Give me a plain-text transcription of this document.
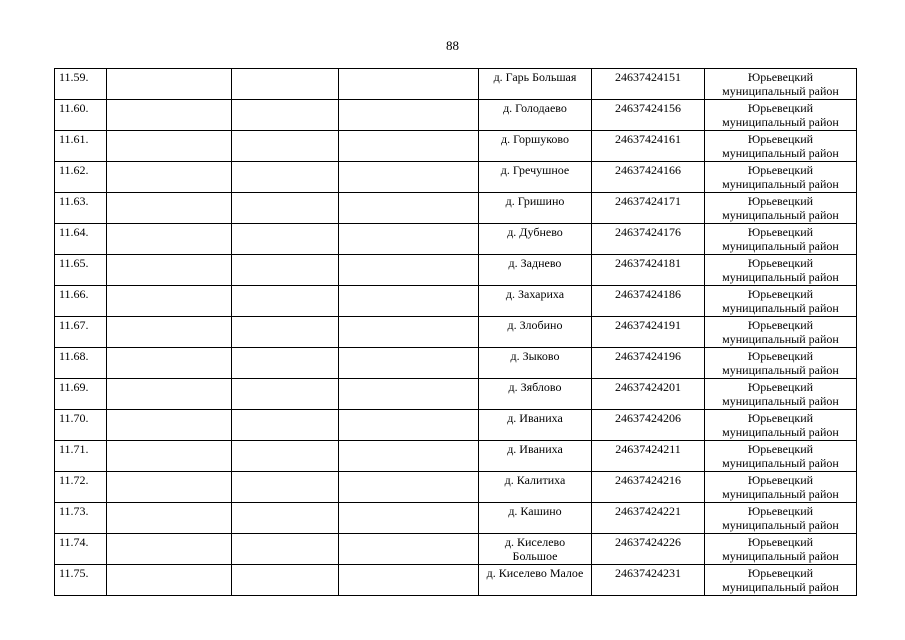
88
11.59.				д. Гарь Большая	24637424151	Юрьевецкий муниципальный район
11.60.				д. Голодаево	24637424156	Юрьевецкий муниципальный район
11.61.				д. Горшуково	24637424161	Юрьевецкий муниципальный район
11.62.				д. Гречушное	24637424166	Юрьевецкий муниципальный район
11.63.				д. Гришино	24637424171	Юрьевецкий муниципальный район
11.64.				д. Дубнево	24637424176	Юрьевецкий муниципальный район
11.65.				д. Заднево	24637424181	Юрьевецкий муниципальный район
11.66.				д. Захариха	24637424186	Юрьевецкий муниципальный район
11.67.				д. Злобино	24637424191	Юрьевецкий муниципальный район
11.68.				д. Зыково	24637424196	Юрьевецкий муниципальный район
11.69.				д. Зяблово	24637424201	Юрьевецкий муниципальный район
11.70.				д. Иваниха	24637424206	Юрьевецкий муниципальный район
11.71.				д. Иваниха	24637424211	Юрьевецкий муниципальный район
11.72.				д. Калитиха	24637424216	Юрьевецкий муниципальный район
11.73.				д. Кашино	24637424221	Юрьевецкий муниципальный район
11.74.				д. Киселево Большое	24637424226	Юрьевецкий муниципальный район
11.75.				д. Киселево Малое	24637424231	Юрьевецкий муниципальный район
